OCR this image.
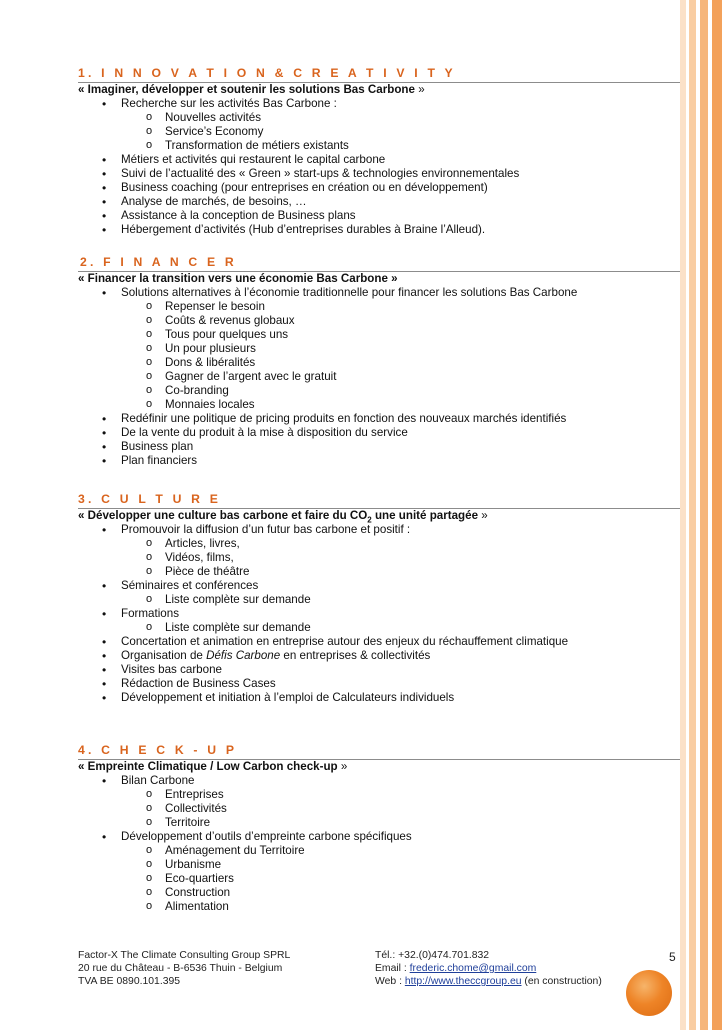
1. I N N O V A T I O N & C R E A T I V I T Y
« Imaginer, développer et soutenir les solutions Bas Carbone »
• Recherche sur les activités Bas Carbone :
o Nouvelles activités
o Service’s Economy
o Transformation de métiers existants
• Métiers et activités qui restaurent le capital carbone
• Suivi de l’actualité des « Green » start-ups & technologies environnementales
• Business coaching (pour entreprises en création ou en développement)
• Analyse de marchés, de besoins, …
• Assistance à la conception de Business plans
• Hébergement d’activités (Hub d’entreprises durables à Braine l’Alleud).
2. F I N A N C E R
« Financer la transition vers une économie Bas Carbone »
• Solutions alternatives à l’économie traditionnelle pour financer les solutions Bas Carbone
o Repenser le besoin
o Coûts & revenus globaux
o Tous pour quelques uns
o Un pour plusieurs
o Dons & libéralités
o Gagner de l’argent avec le gratuit
o Co-branding
o Monnaies locales
• Redéfinir une politique de pricing produits en fonction des nouveaux marchés identifiés
• De la vente du produit à la mise à disposition du service
• Business plan
• Plan financiers
3. C U L T U R E
« Développer une culture bas carbone et faire du $CO_2$ une unité partagée »
• Promouvoir la diffusion d’un futur bas carbone et positif :
o Articles, livres,
o Vidéos, films,
o Pièce de théâtre
• Séminaires et conférences
o Liste complète sur demande
• Formations
o Liste complète sur demande
• Concertation et animation en entreprise autour des enjeux du réchauffement climatique
• Organisation de Défis Carbone en entreprises & collectivités
• Visites bas carbone
• Rédaction de Business Cases
• Développement et initiation à l’emploi de Calculateurs individuels
4. C H E C K - U P
« Empreinte Climatique / Low Carbon check-up »
• Bilan Carbone
o Entreprises
o Collectivités
o Territoire
• Développement d’outils d’empreinte carbone spécifiques
o Aménagement du Territoire
o Urbanisme
o Eco-quartiers
o Construction
o Alimentation
Factor-X The Climate Consulting Group SPRL
20 rue du Château - B-6536 Thuin - Belgium
TVA BE 0890.101.395
Tél.: +32.(0)474.701.832
Email : frederic.chome@gmail.com
Web : http://www.theccgroup.eu (en construction)
5
